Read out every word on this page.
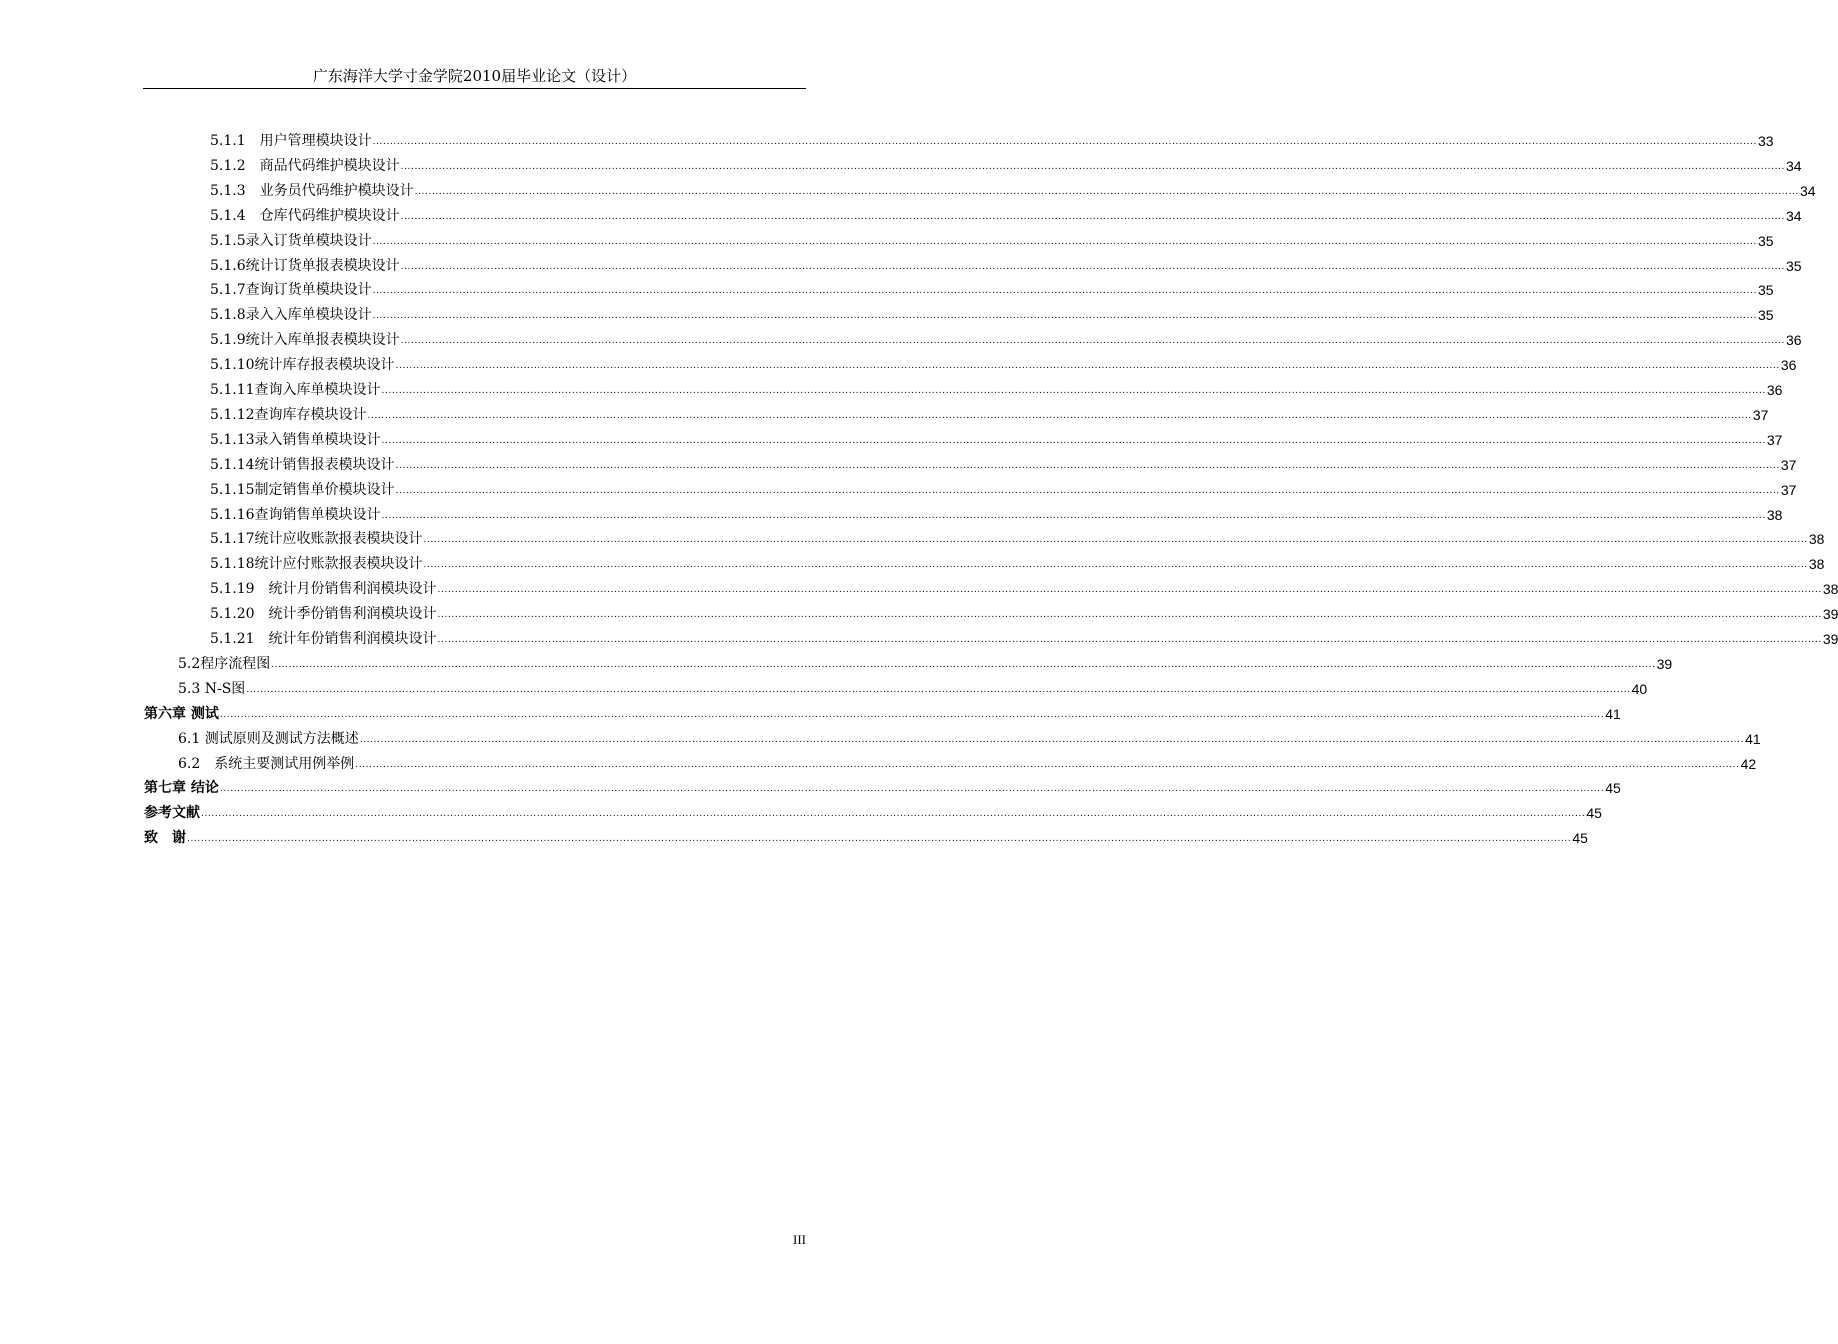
广东海洋大学寸金学院2010届毕业论文（设计）
5.1.1　用户管理模块设计 ................................................................................................................................................................................................................................................................................................................................................................................................................ 33
5.1.2　商品代码维护模块设计 ................................................................................................................................................................................................................................................................................................................................................................................................................ 34
5.1.3　业务员代码维护模块设计 ................................................................................................................................................................................................................................................................................................................................................................................................................ 34
5.1.4　仓库代码维护模块设计 ................................................................................................................................................................................................................................................................................................................................................................................................................ 34
5.1.5录入订货单模块设计 ................................................................................................................................................................................................................................................................................................................................................................................................................ 35
5.1.6统计订货单报表模块设计 ................................................................................................................................................................................................................................................................................................................................................................................................................ 35
5.1.7查询订货单模块设计 ................................................................................................................................................................................................................................................................................................................................................................................................................ 35
5.1.8录入入库单模块设计 ................................................................................................................................................................................................................................................................................................................................................................................................................ 35
5.1.9统计入库单报表模块设计 ................................................................................................................................................................................................................................................................................................................................................................................................................ 36
5.1.10统计库存报表模块设计 ................................................................................................................................................................................................................................................................................................................................................................................................................ 36
5.1.11查询入库单模块设计 ................................................................................................................................................................................................................................................................................................................................................................................................................ 36
5.1.12查询库存模块设计 ................................................................................................................................................................................................................................................................................................................................................................................................................ 37
5.1.13录入销售单模块设计 ................................................................................................................................................................................................................................................................................................................................................................................................................ 37
5.1.14统计销售报表模块设计 ................................................................................................................................................................................................................................................................................................................................................................................................................ 37
5.1.15制定销售单价模块设计 ................................................................................................................................................................................................................................................................................................................................................................................................................ 37
5.1.16查询销售单模块设计 ................................................................................................................................................................................................................................................................................................................................................................................................................ 38
5.1.17统计应收账款报表模块设计 ................................................................................................................................................................................................................................................................................................................................................................................................................ 38
5.1.18统计应付账款报表模块设计 ................................................................................................................................................................................................................................................................................................................................................................................................................ 38
5.1.19　统计月份销售利润模块设计 ................................................................................................................................................................................................................................................................................................................................................................................................................ 38
5.1.20　统计季份销售利润模块设计 ................................................................................................................................................................................................................................................................................................................................................................................................................ 39
5.1.21　统计年份销售利润模块设计 ................................................................................................................................................................................................................................................................................................................................................................................................................ 39
5.2程序流程图 ................................................................................................................................................................................................................................................................................................................................................................................................................ 39
5.3 N-S图 ................................................................................................................................................................................................................................................................................................................................................................................................................ 40
第六章 测试 ................................................................................................................................................................................................................................................................................................................................................................................................................ 41
6.1 测试原则及测试方法概述 ................................................................................................................................................................................................................................................................................................................................................................................................................ 41
6.2　系统主要测试用例举例 ................................................................................................................................................................................................................................................................................................................................................................................................................ 42
第七章 结论 ................................................................................................................................................................................................................................................................................................................................................................................................................ 45
参考文献 ................................................................................................................................................................................................................................................................................................................................................................................................................ 45
致　谢 ................................................................................................................................................................................................................................................................................................................................................................................................................ 45
III
